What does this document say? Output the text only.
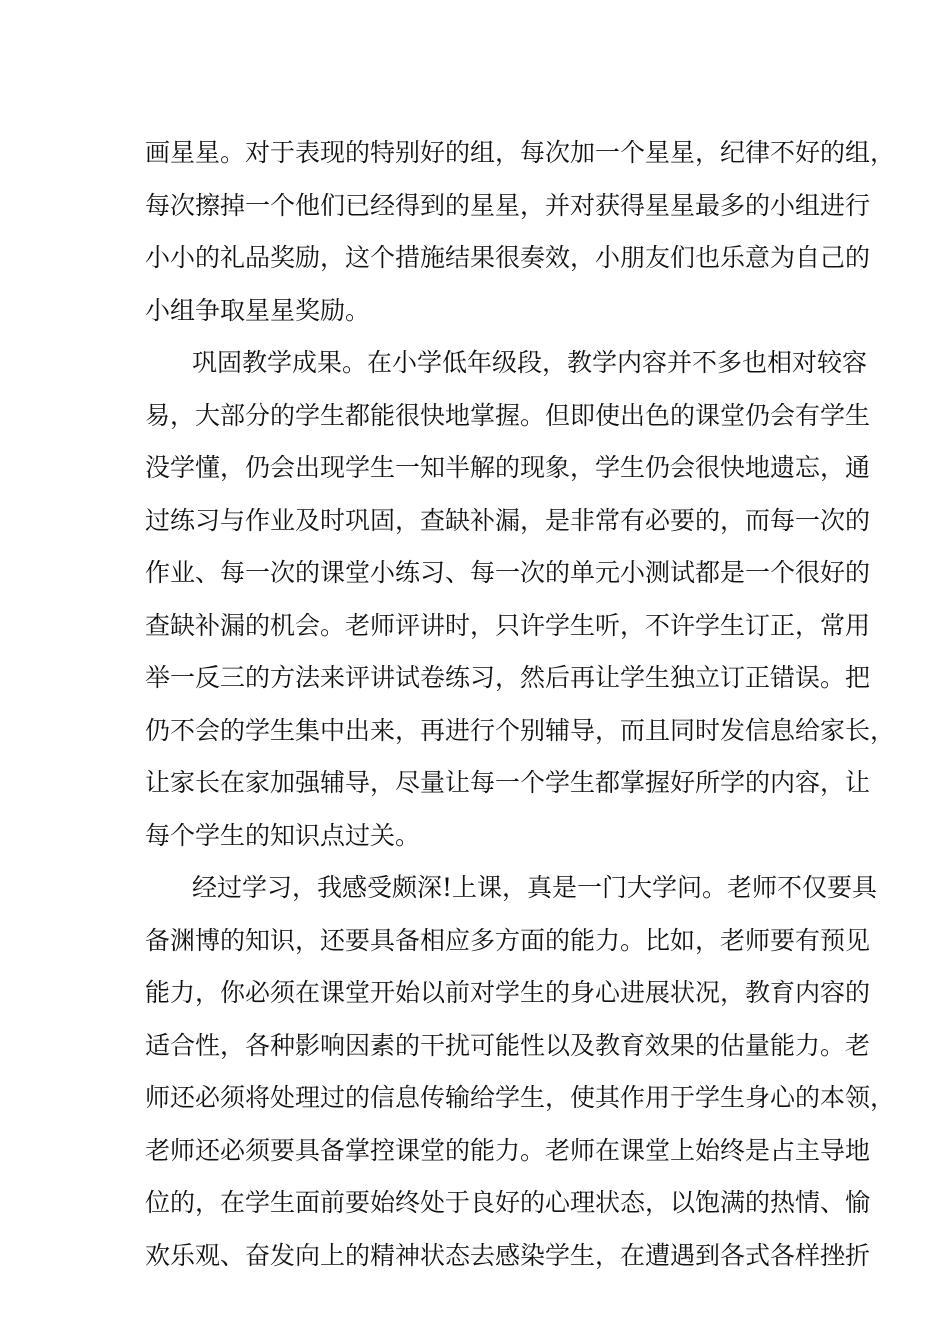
画星星。对于表现的特别好的组，每次加一个星星，纪律不好的组，
每次擦掉一个他们已经得到的星星，并对获得星星最多的小组进行
小小的礼品奖励，这个措施结果很奏效，小朋友们也乐意为自己的
小组争取星星奖励。
巩固教学成果。在小学低年级段，教学内容并不多也相对较容
易，大部分的学生都能很快地掌握。但即使出色的课堂仍会有学生
没学懂，仍会出现学生一知半解的现象，学生仍会很快地遗忘，通
过练习与作业及时巩固，查缺补漏，是非常有必要的，而每一次的
作业、每一次的课堂小练习、每一次的单元小测试都是一个很好的
查缺补漏的机会。老师评讲时，只许学生听，不许学生订正，常用
举一反三的方法来评讲试卷练习，然后再让学生独立订正错误。把
仍不会的学生集中出来，再进行个别辅导，而且同时发信息给家长，
让家长在家加强辅导，尽量让每一个学生都掌握好所学的内容，让
每个学生的知识点过关。
经过学习，我感受颇深!上课，真是一门大学问。老师不仅要具
备渊博的知识，还要具备相应多方面的能力。比如，老师要有预见
能力，你必须在课堂开始以前对学生的身心进展状况，教育内容的
适合性，各种影响因素的干扰可能性以及教育效果的估量能力。老
师还必须将处理过的信息传输给学生，使其作用于学生身心的本领，
老师还必须要具备掌控课堂的能力。老师在课堂上始终是占主导地
位的，在学生面前要始终处于良好的心理状态，以饱满的热情、愉
欢乐观、奋发向上的精神状态去感染学生，在遭遇到各式各样挫折
